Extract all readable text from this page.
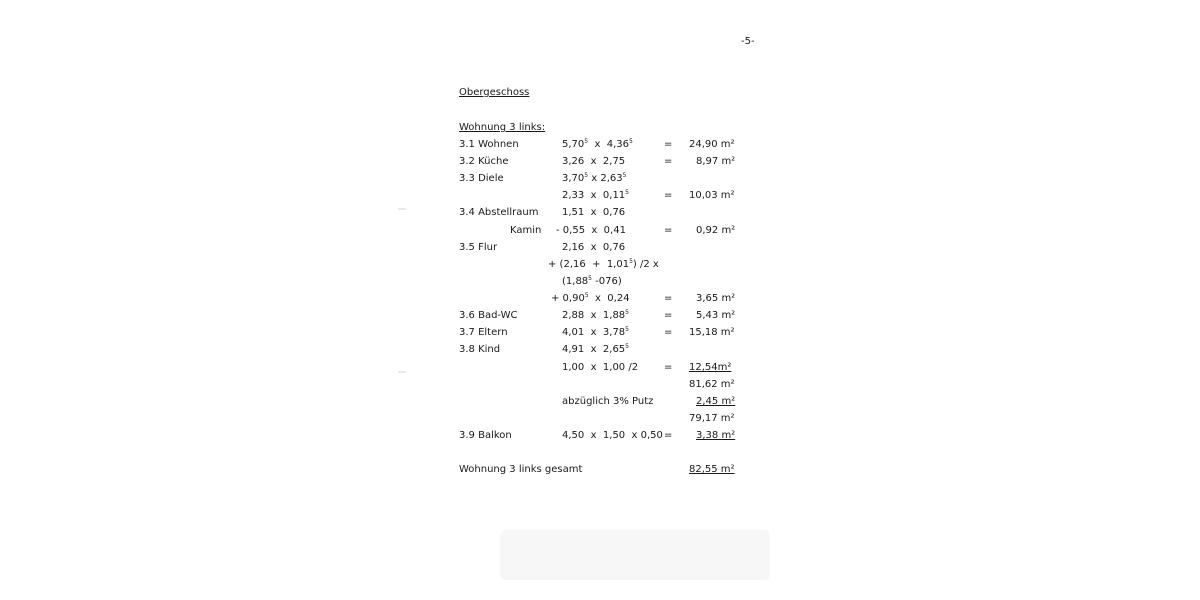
-5-
Obergeschoss
Wohnung 3 links:
3.1 Wohnen	5,70$^5$  x  $4,36^5$	= 24,90 m²
3.2 Küche	3,26  x  2,75	= 8,97 m²
3.3 Diele	3,70$^5$ x 2,63$^5$
2,33  x  $0,11^5$	= 10,03 m²
3.4 Abstellraum 1,51  x  0,76
Kamin - 0,55  x  0,41	= 0,92 m²
3.5 Flur	2,16  x  0,76
+ (2,16  +  1,01$^5$) /2 x
(1,88$^5$ -076)
+ $0,90^5$  x  0,24	= 3,65 m²
3.6 Bad-WC	2,88  x  $1,88^5$	= 5,43 m²
3.7 Eltern	4,01  x  $3,78^5$	= 15,18 m²
3.8 Kind	4,91  x  2,65$^5$
1,00  x  1,00 /2	= 12,54m²
81,62 m²
abzüglich 3% Putz	2,45 m²
79,17 m²
3.9 Balkon	4,50  x  1,50  x 0,50 = 3,38 m²
Wohnung 3 links gesamt	82,55 m²
